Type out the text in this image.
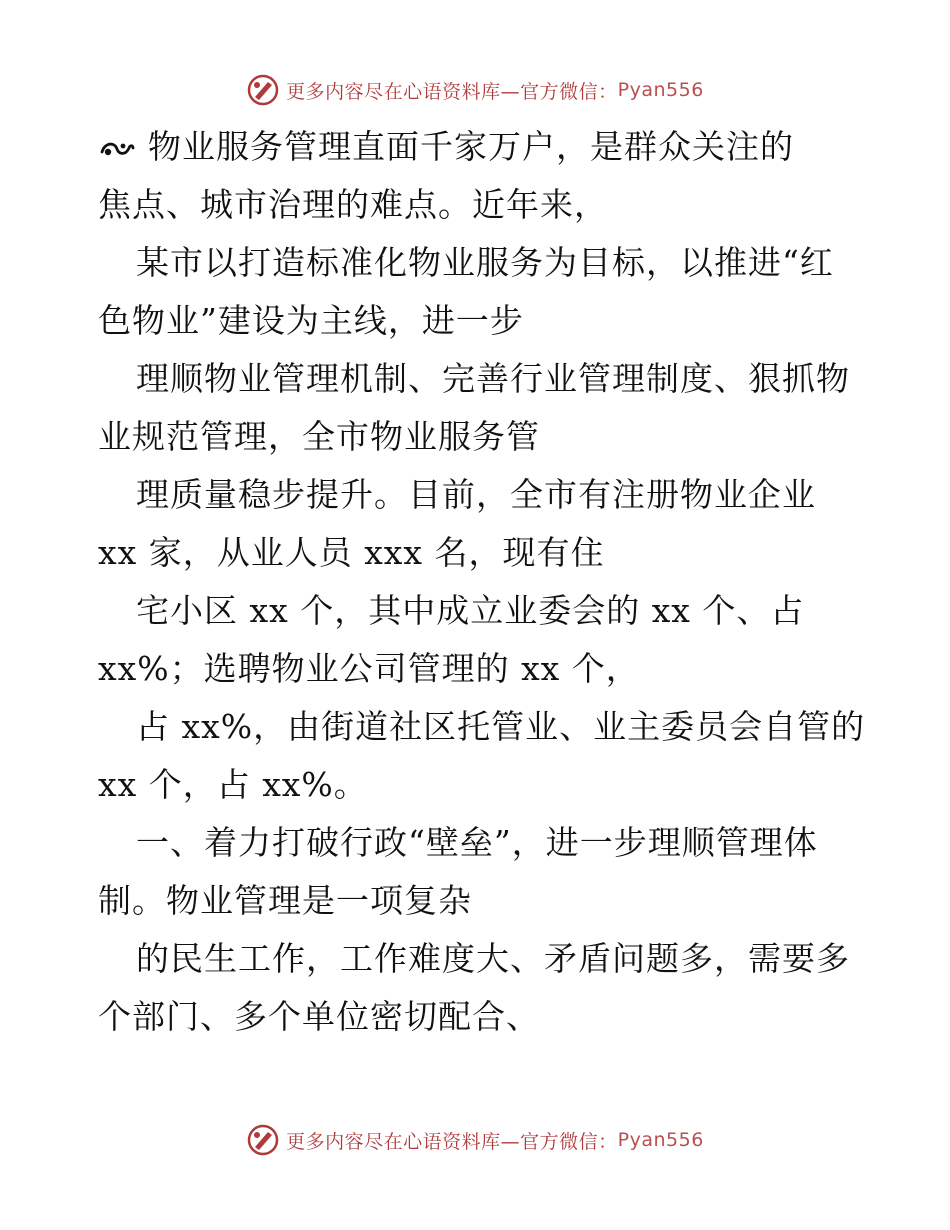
更多内容尽在心语资料库—官方微信： Pyan556
物业服务管理直面千家万户，是群众关注的
焦点、城市治理的难点。近年来，
某市以打造标准化物业服务为目标，以推进“红
色物业”建设为主线，进一步
理顺物业管理机制、完善行业管理制度、狠抓物
业规范管理，全市物业服务管
理质量稳步提升。目前，全市有注册物业企业
xx 家，从业人员 xxx 名，现有住
宅小区 xx 个，其中成立业委会的 xx 个、占
xx%；选聘物业公司管理的 xx 个，
占 xx%，由街道社区托管业、业主委员会自管的
xx 个，占 xx%。
一、着力打破行政“壁垒”，进一步理顺管理体
制。物业管理是一项复杂
的民生工作，工作难度大、矛盾问题多，需要多
个部门、多个单位密切配合、
更多内容尽在心语资料库—官方微信： Pyan556
